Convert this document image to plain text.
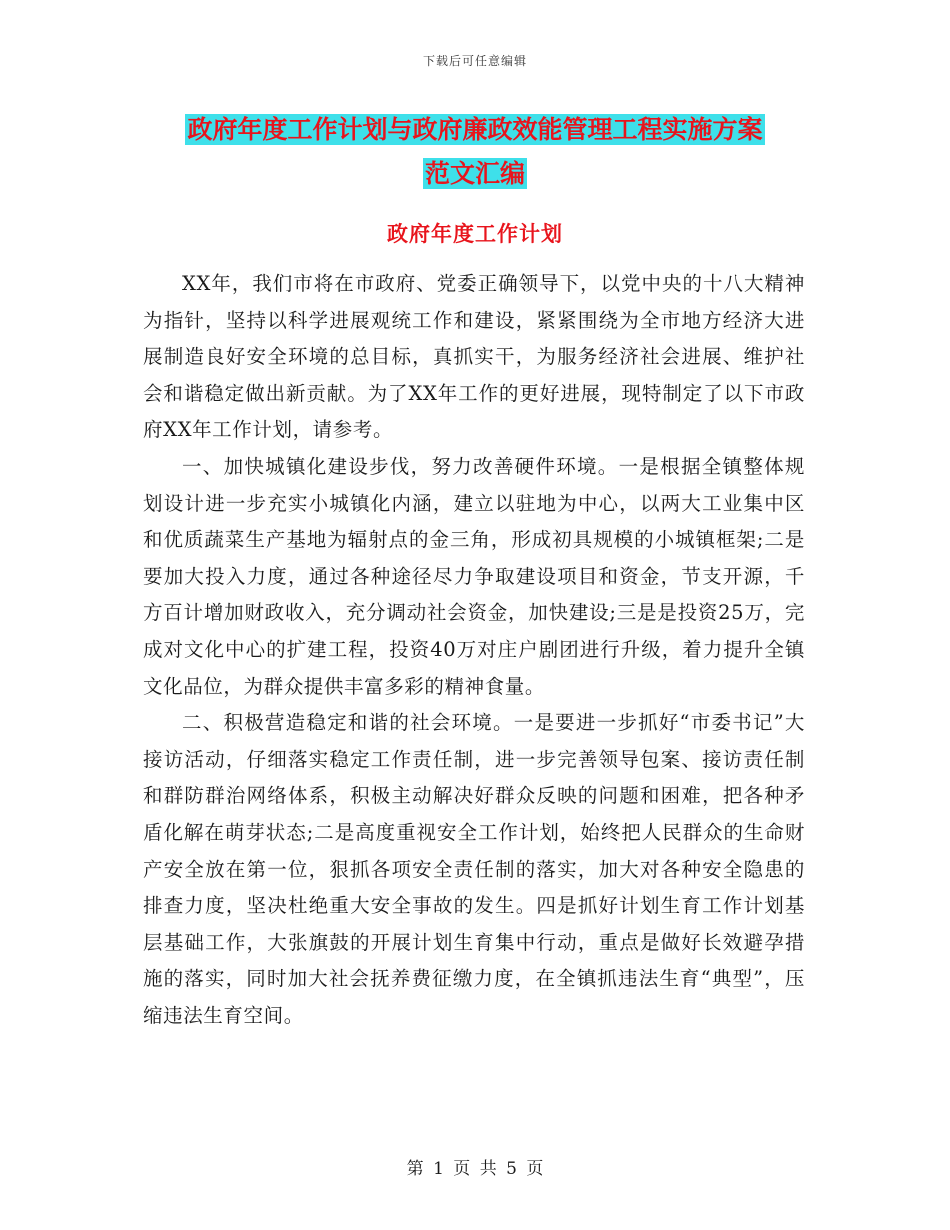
下载后可任意编辑
政府年度工作计划与政府廉政效能管理工程实施方案
范文汇编
政府年度工作计划

XX年，我们市将在市政府、党委正确领导下，以党中央的十八大精神为指针，坚持以科学进展观统工作和建设，紧紧围绕为全市地方经济大进展制造良好安全环境的总目标，真抓实干，为服务经济社会进展、维护社会和谐稳定做出新贡献。为了XX年工作的更好进展，现特制定了以下市政府XX年工作计划，请参考。

一、加快城镇化建设步伐，努力改善硬件环境。一是根据全镇整体规划设计进一步充实小城镇化内涵，建立以驻地为中心，以两大工业集中区和优质蔬菜生产基地为辐射点的金三角，形成初具规模的小城镇框架;二是要加大投入力度，通过各种途径尽力争取建设项目和资金，节支开源，千方百计增加财政收入，充分调动社会资金，加快建设;三是是投资25万，完成对文化中心的扩建工程，投资40万对庄户剧团进行升级，着力提升全镇文化品位，为群众提供丰富多彩的精神食量。

二、积极营造稳定和谐的社会环境。一是要进一步抓好“市委书记”大接访活动，仔细落实稳定工作责任制，进一步完善领导包案、接访责任制和群防群治网络体系，积极主动解决好群众反映的问题和困难，把各种矛盾化解在萌芽状态;二是高度重视安全工作计划，始终把人民群众的生命财产安全放在第一位，狠抓各项安全责任制的落实，加大对各种安全隐患的排查力度，坚决杜绝重大安全事故的发生。四是抓好计划生育工作计划基层基础工作，大张旗鼓的开展计划生育集中行动，重点是做好长效避孕措施的落实，同时加大社会抚养费征缴力度，在全镇抓违法生育“典型”，压缩违法生育空间。

第 1 页 共 5 页
